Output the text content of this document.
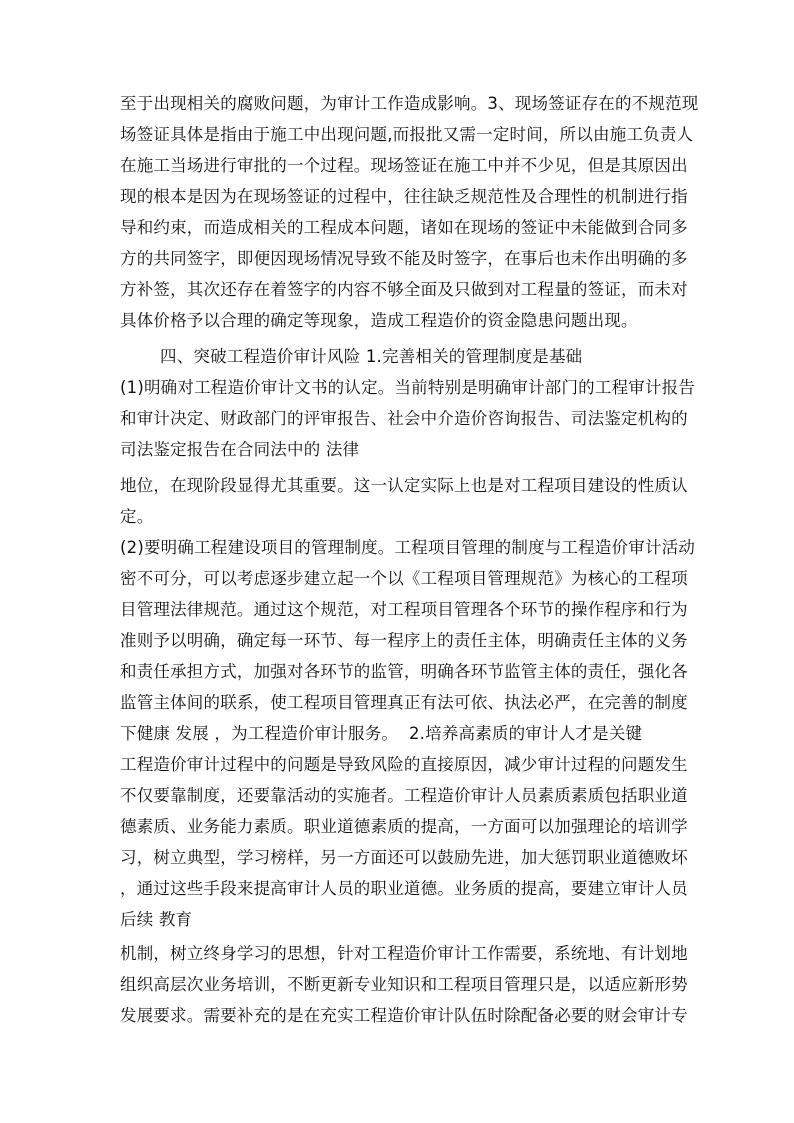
至于出现相关的腐败问题，为审计工作造成影响。3、现场签证存在的不规范现
场签证具体是指由于施工中出现问题,而报批又需一定时间，所以由施工负责人
在施工当场进行审批的一个过程。现场签证在施工中并不少见，但是其原因出
现的根本是因为在现场签证的过程中，往往缺乏规范性及合理性的机制进行指
导和约束，而造成相关的工程成本问题，诸如在现场的签证中未能做到合同多
方的共同签字，即便因现场情况导致不能及时签字，在事后也未作出明确的多
方补签，其次还存在着签字的内容不够全面及只做到对工程量的签证，而未对
具体价格予以合理的确定等现象，造成工程造价的资金隐患问题出现。
四、突破工程造价审计风险 1.完善相关的管理制度是基础
(1)明确对工程造价审计文书的认定。当前特别是明确审计部门的工程审计报告
和审计决定、财政部门的评审报告、社会中介造价咨询报告、司法鉴定机构的
司法鉴定报告在合同法中的 法律
地位，在现阶段显得尤其重要。这一认定实际上也是对工程项目建设的性质认
定。
(2)要明确工程建设项目的管理制度。工程项目管理的制度与工程造价审计活动
密不可分，可以考虑逐步建立起一个以《工程项目管理规范》为核心的工程项
目管理法律规范。通过这个规范，对工程项目管理各个环节的操作程序和行为
准则予以明确，确定每一环节、每一程序上的责任主体，明确责任主体的义务
和责任承担方式，加强对各环节的监管，明确各环节监管主体的责任，强化各
监管主体间的联系，使工程项目管理真正有法可依、执法必严，在完善的制度
下健康 发展 ，为工程造价审计服务。  2.培养高素质的审计人才是关键
工程造价审计过程中的问题是导致风险的直接原因，减少审计过程的问题发生
不仅要靠制度，还要靠活动的实施者。工程造价审计人员素质素质包括职业道
德素质、业务能力素质。职业道德素质的提高，一方面可以加强理论的培训学
习，树立典型，学习榜样，另一方面还可以鼓励先进，加大惩罚职业道德败坏
，通过这些手段来提高审计人员的职业道德。业务质的提高，要建立审计人员
后续 教育
机制，树立终身学习的思想，针对工程造价审计工作需要，系统地、有计划地
组织高层次业务培训，不断更新专业知识和工程项目管理只是，以适应新形势
发展要求。需要补充的是在充实工程造价审计队伍时除配备必要的财会审计专
